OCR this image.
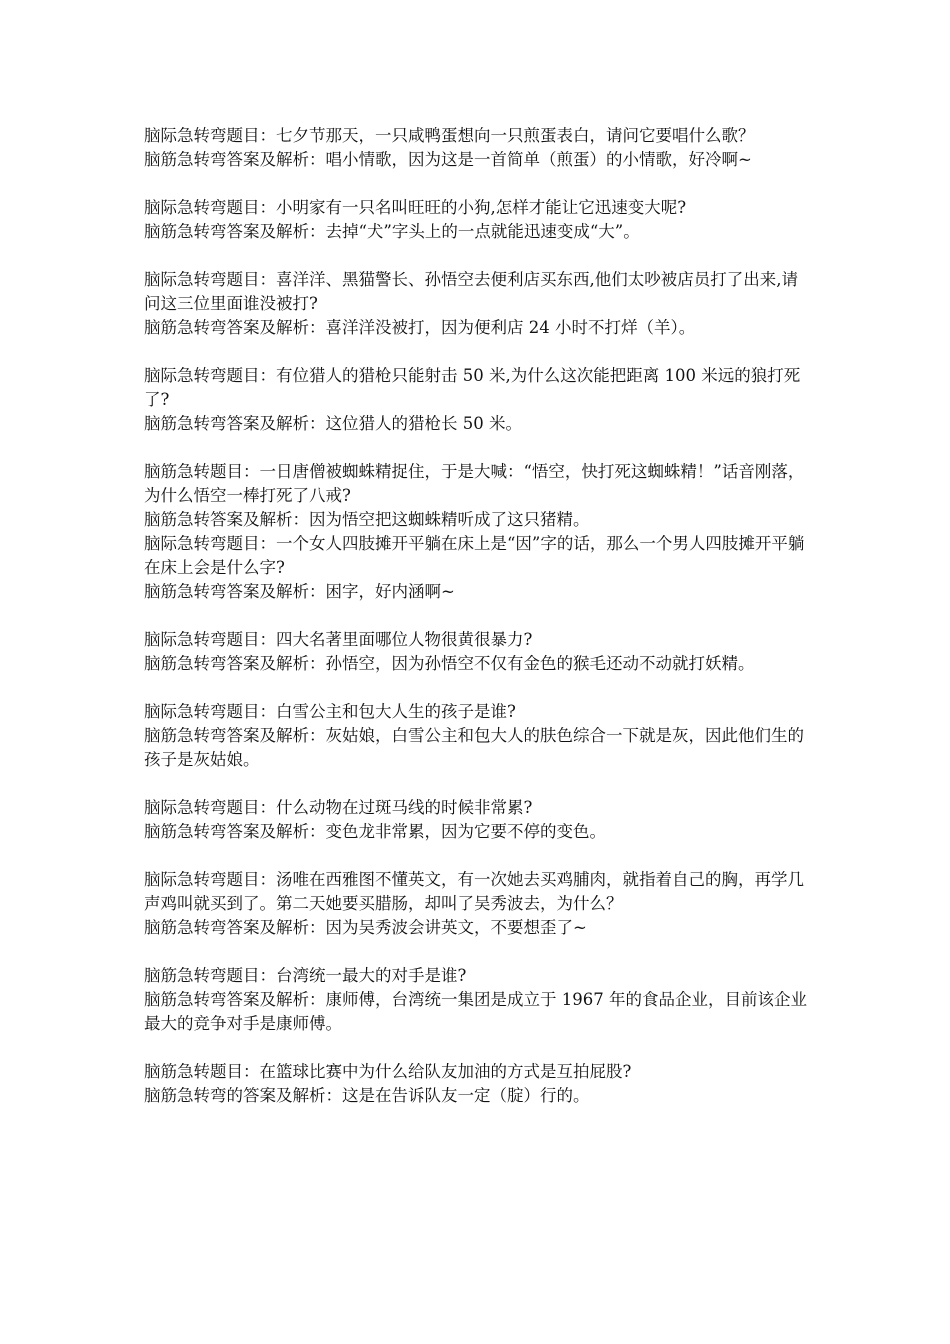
脑际急转弯题目：七夕节那天，一只咸鸭蛋想向一只煎蛋表白，请问它要唱什么歌？

脑筋急转弯答案及解析：唱小情歌，因为这是一首简单（煎蛋）的小情歌，好冷啊~

脑际急转弯题目：小明家有一只名叫旺旺的小狗,怎样才能让它迅速变大呢?

脑筋急转弯答案及解析：去掉“犬”字头上的一点就能迅速变成“大”。

脑际急转弯题目：喜洋洋、黑猫警长、孙悟空去便利店买东西,他们太吵被店员打了出来,请问这三位里面谁没被打?

脑筋急转弯答案及解析：喜洋洋没被打，因为便利店 24 小时不打烊（羊）。

脑际急转弯题目：有位猎人的猎枪只能射击 50 米,为什么这次能把距离 100 米远的狼打死了?

脑筋急转弯答案及解析：这位猎人的猎枪长 50 米。

脑筋急转题目：一日唐僧被蜘蛛精捉住，于是大喊：“悟空，快打死这蜘蛛精！”话音刚落，为什么悟空一棒打死了八戒?

脑筋急转答案及解析：因为悟空把这蜘蛛精听成了这只猪精。

脑际急转弯题目：一个女人四肢摊开平躺在床上是“因”字的话，那么一个男人四肢摊开平躺在床上会是什么字?

脑筋急转弯答案及解析：困字，好内涵啊~

脑际急转弯题目：四大名著里面哪位人物很黄很暴力?

脑筋急转弯答案及解析：孙悟空，因为孙悟空不仅有金色的猴毛还动不动就打妖精。

脑际急转弯题目：白雪公主和包大人生的孩子是谁?

脑筋急转弯答案及解析：灰姑娘，白雪公主和包大人的肤色综合一下就是灰，因此他们生的孩子是灰姑娘。

脑际急转弯题目：什么动物在过斑马线的时候非常累?

脑筋急转弯答案及解析：变色龙非常累，因为它要不停的变色。

脑际急转弯题目：汤唯在西雅图不懂英文，有一次她去买鸡脯肉，就指着自己的胸，再学几声鸡叫就买到了。第二天她要买腊肠，却叫了吴秀波去，为什么？

脑筋急转弯答案及解析：因为吴秀波会讲英文，不要想歪了~

脑筋急转弯题目：台湾统一最大的对手是谁?

脑筋急转弯答案及解析：康师傅，台湾统一集团是成立于 1967 年的食品企业，目前该企业最大的竞争对手是康师傅。

脑筋急转题目：在篮球比赛中为什么给队友加油的方式是互拍屁股?

脑筋急转弯的答案及解析：这是在告诉队友一定（腚）行的。
